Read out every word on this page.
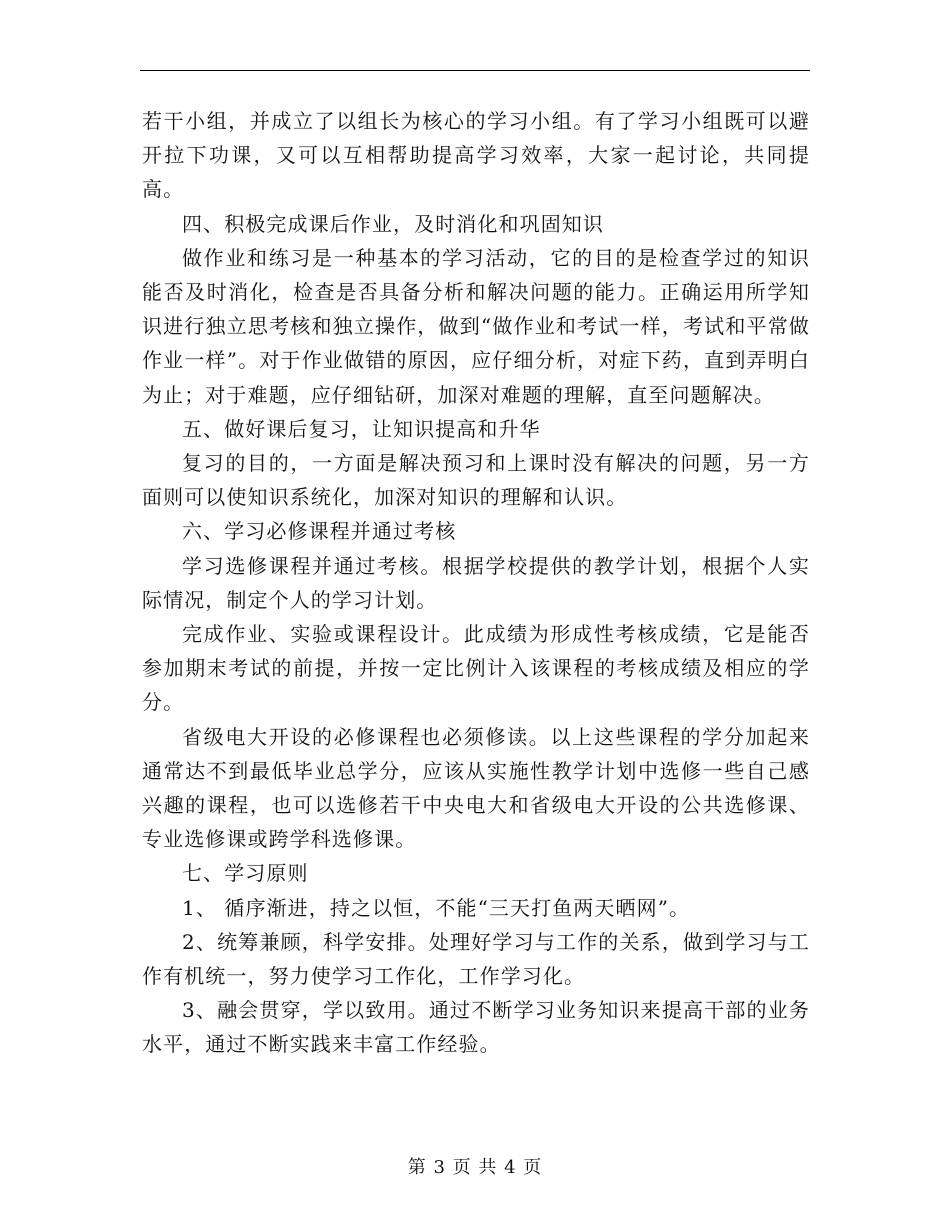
若干小组，并成立了以组长为核心的学习小组。有了学习小组既可以避开拉下功课，又可以互相帮助提高学习效率，大家一起讨论，共同提高。

四、积极完成课后作业，及时消化和巩固知识

做作业和练习是一种基本的学习活动，它的目的是检查学过的知识能否及时消化，检查是否具备分析和解决问题的能力。正确运用所学知识进行独立思考核和独立操作，做到“做作业和考试一样，考试和平常做作业一样”。对于作业做错的原因，应仔细分析，对症下药，直到弄明白为止；对于难题，应仔细钻研，加深对难题的理解，直至问题解决。

五、做好课后复习，让知识提高和升华

复习的目的，一方面是解决预习和上课时没有解决的问题，另一方面则可以使知识系统化，加深对知识的理解和认识。

六、学习必修课程并通过考核

学习选修课程并通过考核。根据学校提供的教学计划，根据个人实际情况，制定个人的学习计划。

完成作业、实验或课程设计。此成绩为形成性考核成绩，它是能否参加期末考试的前提，并按一定比例计入该课程的考核成绩及相应的学分。

省级电大开设的必修课程也必须修读。以上这些课程的学分加起来通常达不到最低毕业总学分，应该从实施性教学计划中选修一些自己感兴趣的课程，也可以选修若干中央电大和省级电大开设的公共选修课、专业选修课或跨学科选修课。

七、学习原则

1、 循序渐进，持之以恒，不能“三天打鱼两天晒网”。

2、统筹兼顾，科学安排。处理好学习与工作的关系，做到学习与工作有机统一，努力使学习工作化，工作学习化。

3、融会贯穿，学以致用。通过不断学习业务知识来提高干部的业务水平，通过不断实践来丰富工作经验。

第 3 页 共 4 页
